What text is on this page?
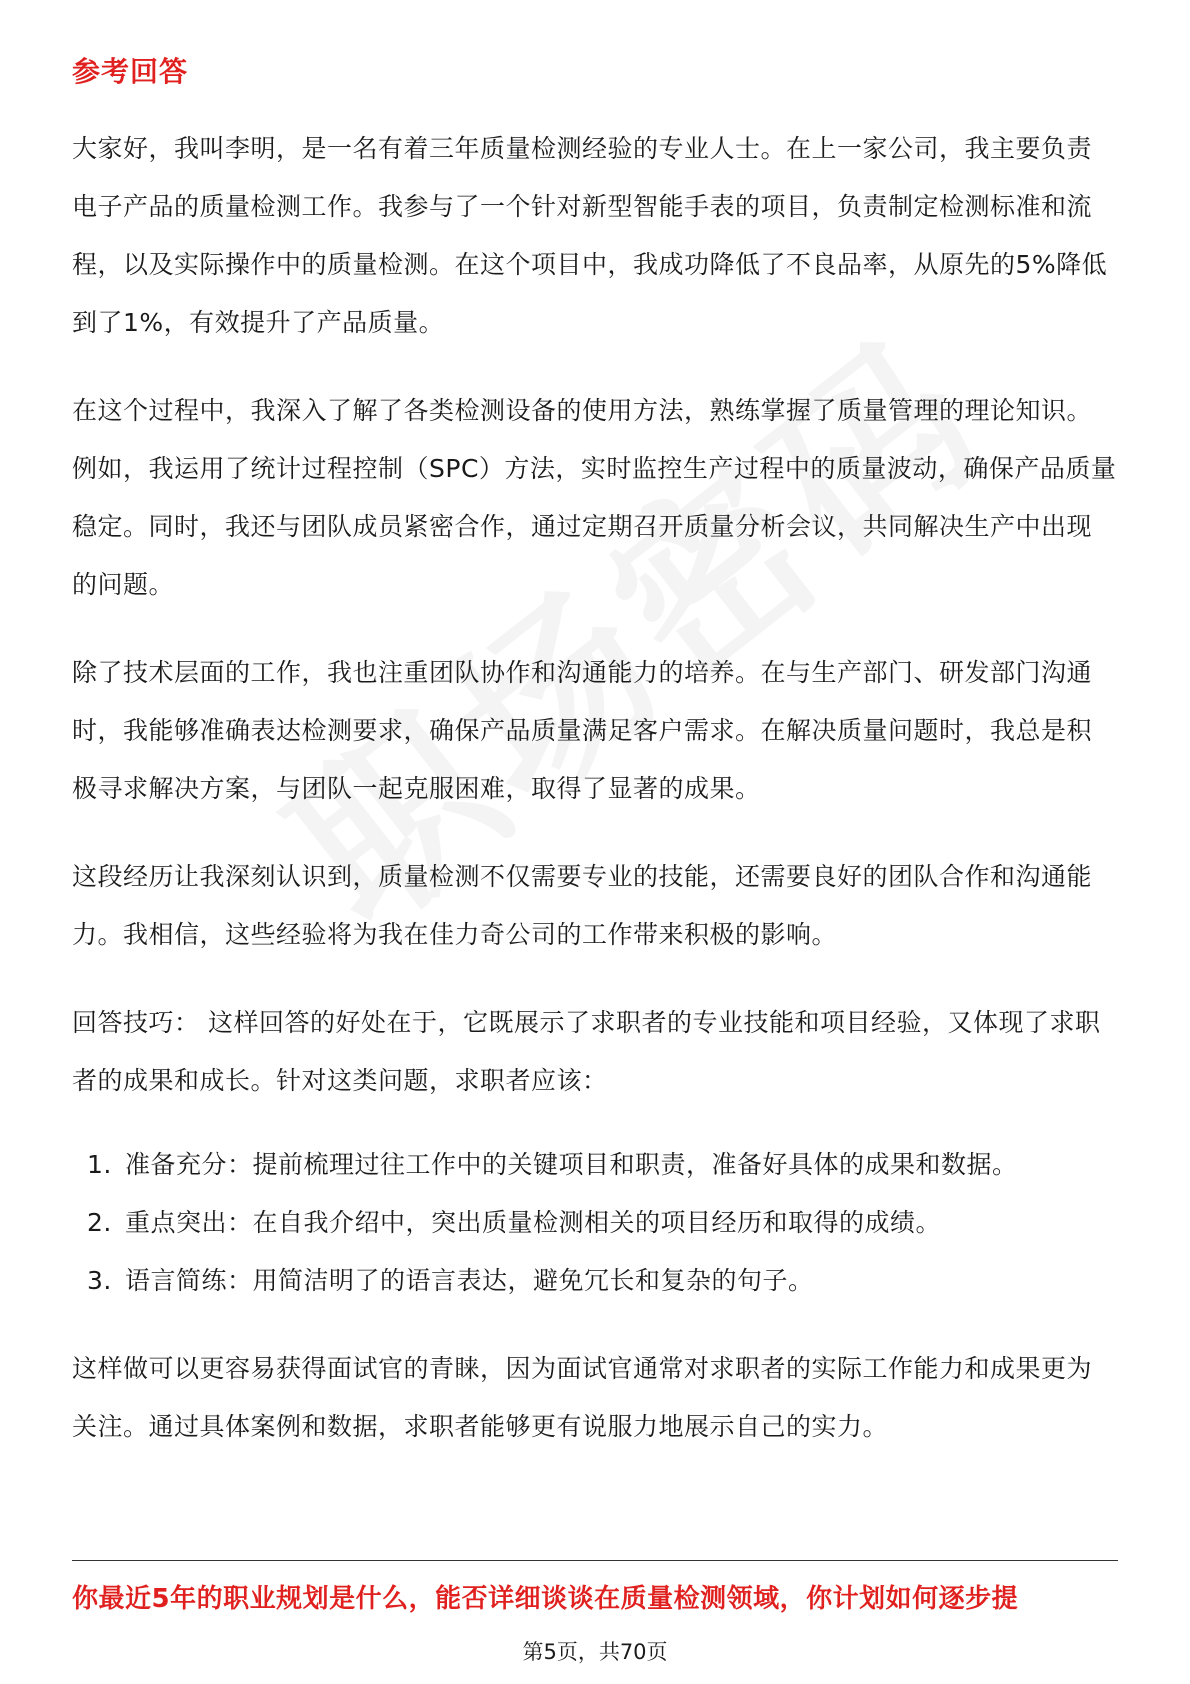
参考回答

大家好，我叫李明，是一名有着三年质量检测经验的专业人士。在上一家公司，我主要负责电子产品的质量检测工作。我参与了一个针对新型智能手表的项目，负责制定检测标准和流程，以及实际操作中的质量检测。在这个项目中，我成功降低了不良品率，从原先的5%降低到了1%，有效提升了产品质量。

在这个过程中，我深入了解了各类检测设备的使用方法，熟练掌握了质量管理的理论知识。例如，我运用了统计过程控制（SPC）方法，实时监控生产过程中的质量波动，确保产品质量稳定。同时，我还与团队成员紧密合作，通过定期召开质量分析会议，共同解决生产中出现的问题。

除了技术层面的工作，我也注重团队协作和沟通能力的培养。在与生产部门、研发部门沟通时，我能够准确表达检测要求，确保产品质量满足客户需求。在解决质量问题时，我总是积极寻求解决方案，与团队一起克服困难，取得了显著的成果。

这段经历让我深刻认识到，质量检测不仅需要专业的技能，还需要良好的团队合作和沟通能力。我相信，这些经验将为我在佳力奇公司的工作带来积极的影响。

回答技巧： 这样回答的好处在于，它既展示了求职者的专业技能和项目经验，又体现了求职者的成果和成长。针对这类问题，求职者应该：

1. 准备充分：提前梳理过往工作中的关键项目和职责，准备好具体的成果和数据。
2. 重点突出：在自我介绍中，突出质量检测相关的项目经历和取得的成绩。
3. 语言简练：用简洁明了的语言表达，避免冗长和复杂的句子。

这样做可以更容易获得面试官的青睐，因为面试官通常对求职者的实际工作能力和成果更为关注。通过具体案例和数据，求职者能够更有说服力地展示自己的实力。

你最近5年的职业规划是什么，能否详细谈谈在质量检测领域，你计划如何逐步提
第5页，共70页
